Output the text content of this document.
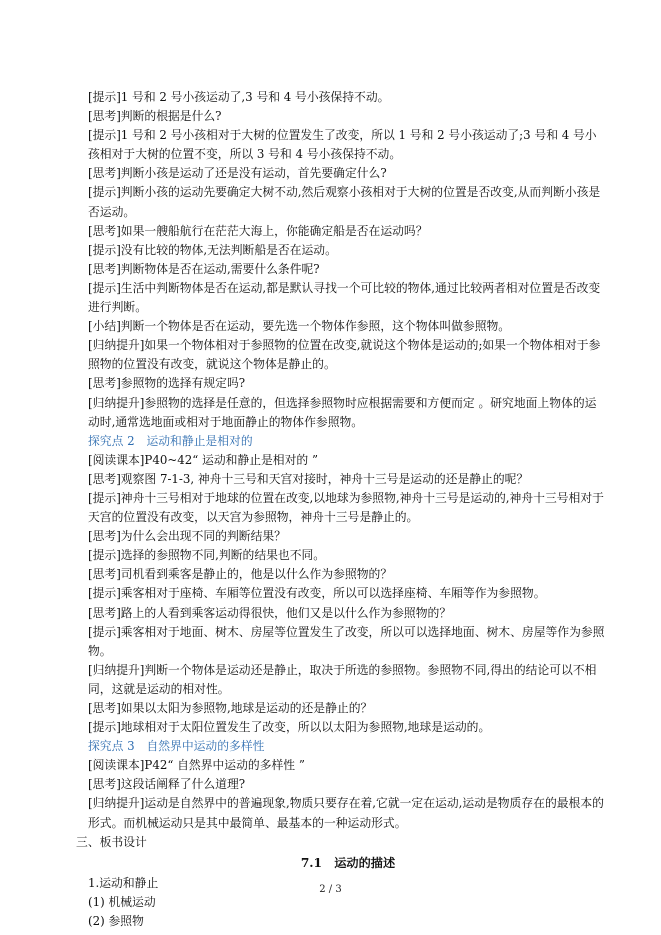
[提示]1 号和 2 号小孩运动了,3 号和 4 号小孩保持不动。

[思考]判断的根据是什么?

[提示]1 号和 2 号小孩相对于大树的位置发生了改变，所以 1 号和 2 号小孩运动了;3 号和 4 号小孩相对于大树的位置不变，所以 3 号和 4 号小孩保持不动。

[思考]判断小孩是运动了还是没有运动，首先要确定什么?

[提示]判断小孩的运动先要确定大树不动,然后观察小孩相对于大树的位置是否改变,从而判断小孩是否运动。

[思考]如果一艘船航行在茫茫大海上，你能确定船是否在运动吗？

[提示]没有比较的物体,无法判断船是否在运动。

[思考]判断物体是否在运动,需要什么条件呢?

[提示]生活中判断物体是否在运动,都是默认寻找一个可比较的物体,通过比较两者相对位置是否改变进行判断。

[小结]判断一个物体是否在运动，要先选一个物体作参照，这个物体叫做参照物。

[归纳提升]如果一个物体相对于参照物的位置在改变,就说这个物体是运动的;如果一个物体相对于参照物的位置没有改变，就说这个物体是静止的。

[思考]参照物的选择有规定吗?

[归纳提升]参照物的选择是任意的，但选择参照物时应根据需要和方便而定 。研究地面上物体的运动时,通常选地面或相对于地面静止的物体作参照物。

探究点 2　运动和静止是相对的

[阅读课本]P40~42“ 运动和静止是相对的 ”

[思考]观察图 7-1-3, 神舟十三号和天宫对接时，神舟十三号是运动的还是静止的呢？

[提示]神舟十三号相对于地球的位置在改变,以地球为参照物,神舟十三号是运动的,神舟十三号相对于天宫的位置没有改变，以天宫为参照物，神舟十三号是静止的。

[思考]为什么会出现不同的判断结果？

[提示]选择的参照物不同,判断的结果也不同。

[思考]司机看到乘客是静止的，他是以什么作为参照物的？

[提示]乘客相对于座椅、车厢等位置没有改变，所以可以选择座椅、车厢等作为参照物。

[思考]路上的人看到乘客运动得很快，他们又是以什么作为参照物的？

[提示]乘客相对于地面、树木、房屋等位置发生了改变，所以可以选择地面、树木、房屋等作为参照物。

[归纳提升]判断一个物体是运动还是静止，取决于所选的参照物。参照物不同,得出的结论可以不相同，这就是运动的相对性。

[思考]如果以太阳为参照物,地球是运动的还是静止的？

[提示]地球相对于太阳位置发生了改变，所以以太阳为参照物,地球是运动的。

探究点 3　自然界中运动的多样性

[阅读课本]P42“ 自然界中运动的多样性 ”

[思考]这段话阐释了什么道理?

[归纳提升]运动是自然界中的普遍现象,物质只要存在着,它就一定在运动,运动是物质存在的最根本的形式。而机械运动只是其中最简单、最基本的一种运动形式。

三、板书设计

7.1　运动的描述

1.运动和静止

(1) 机械运动

(2) 参照物

2 / 3
